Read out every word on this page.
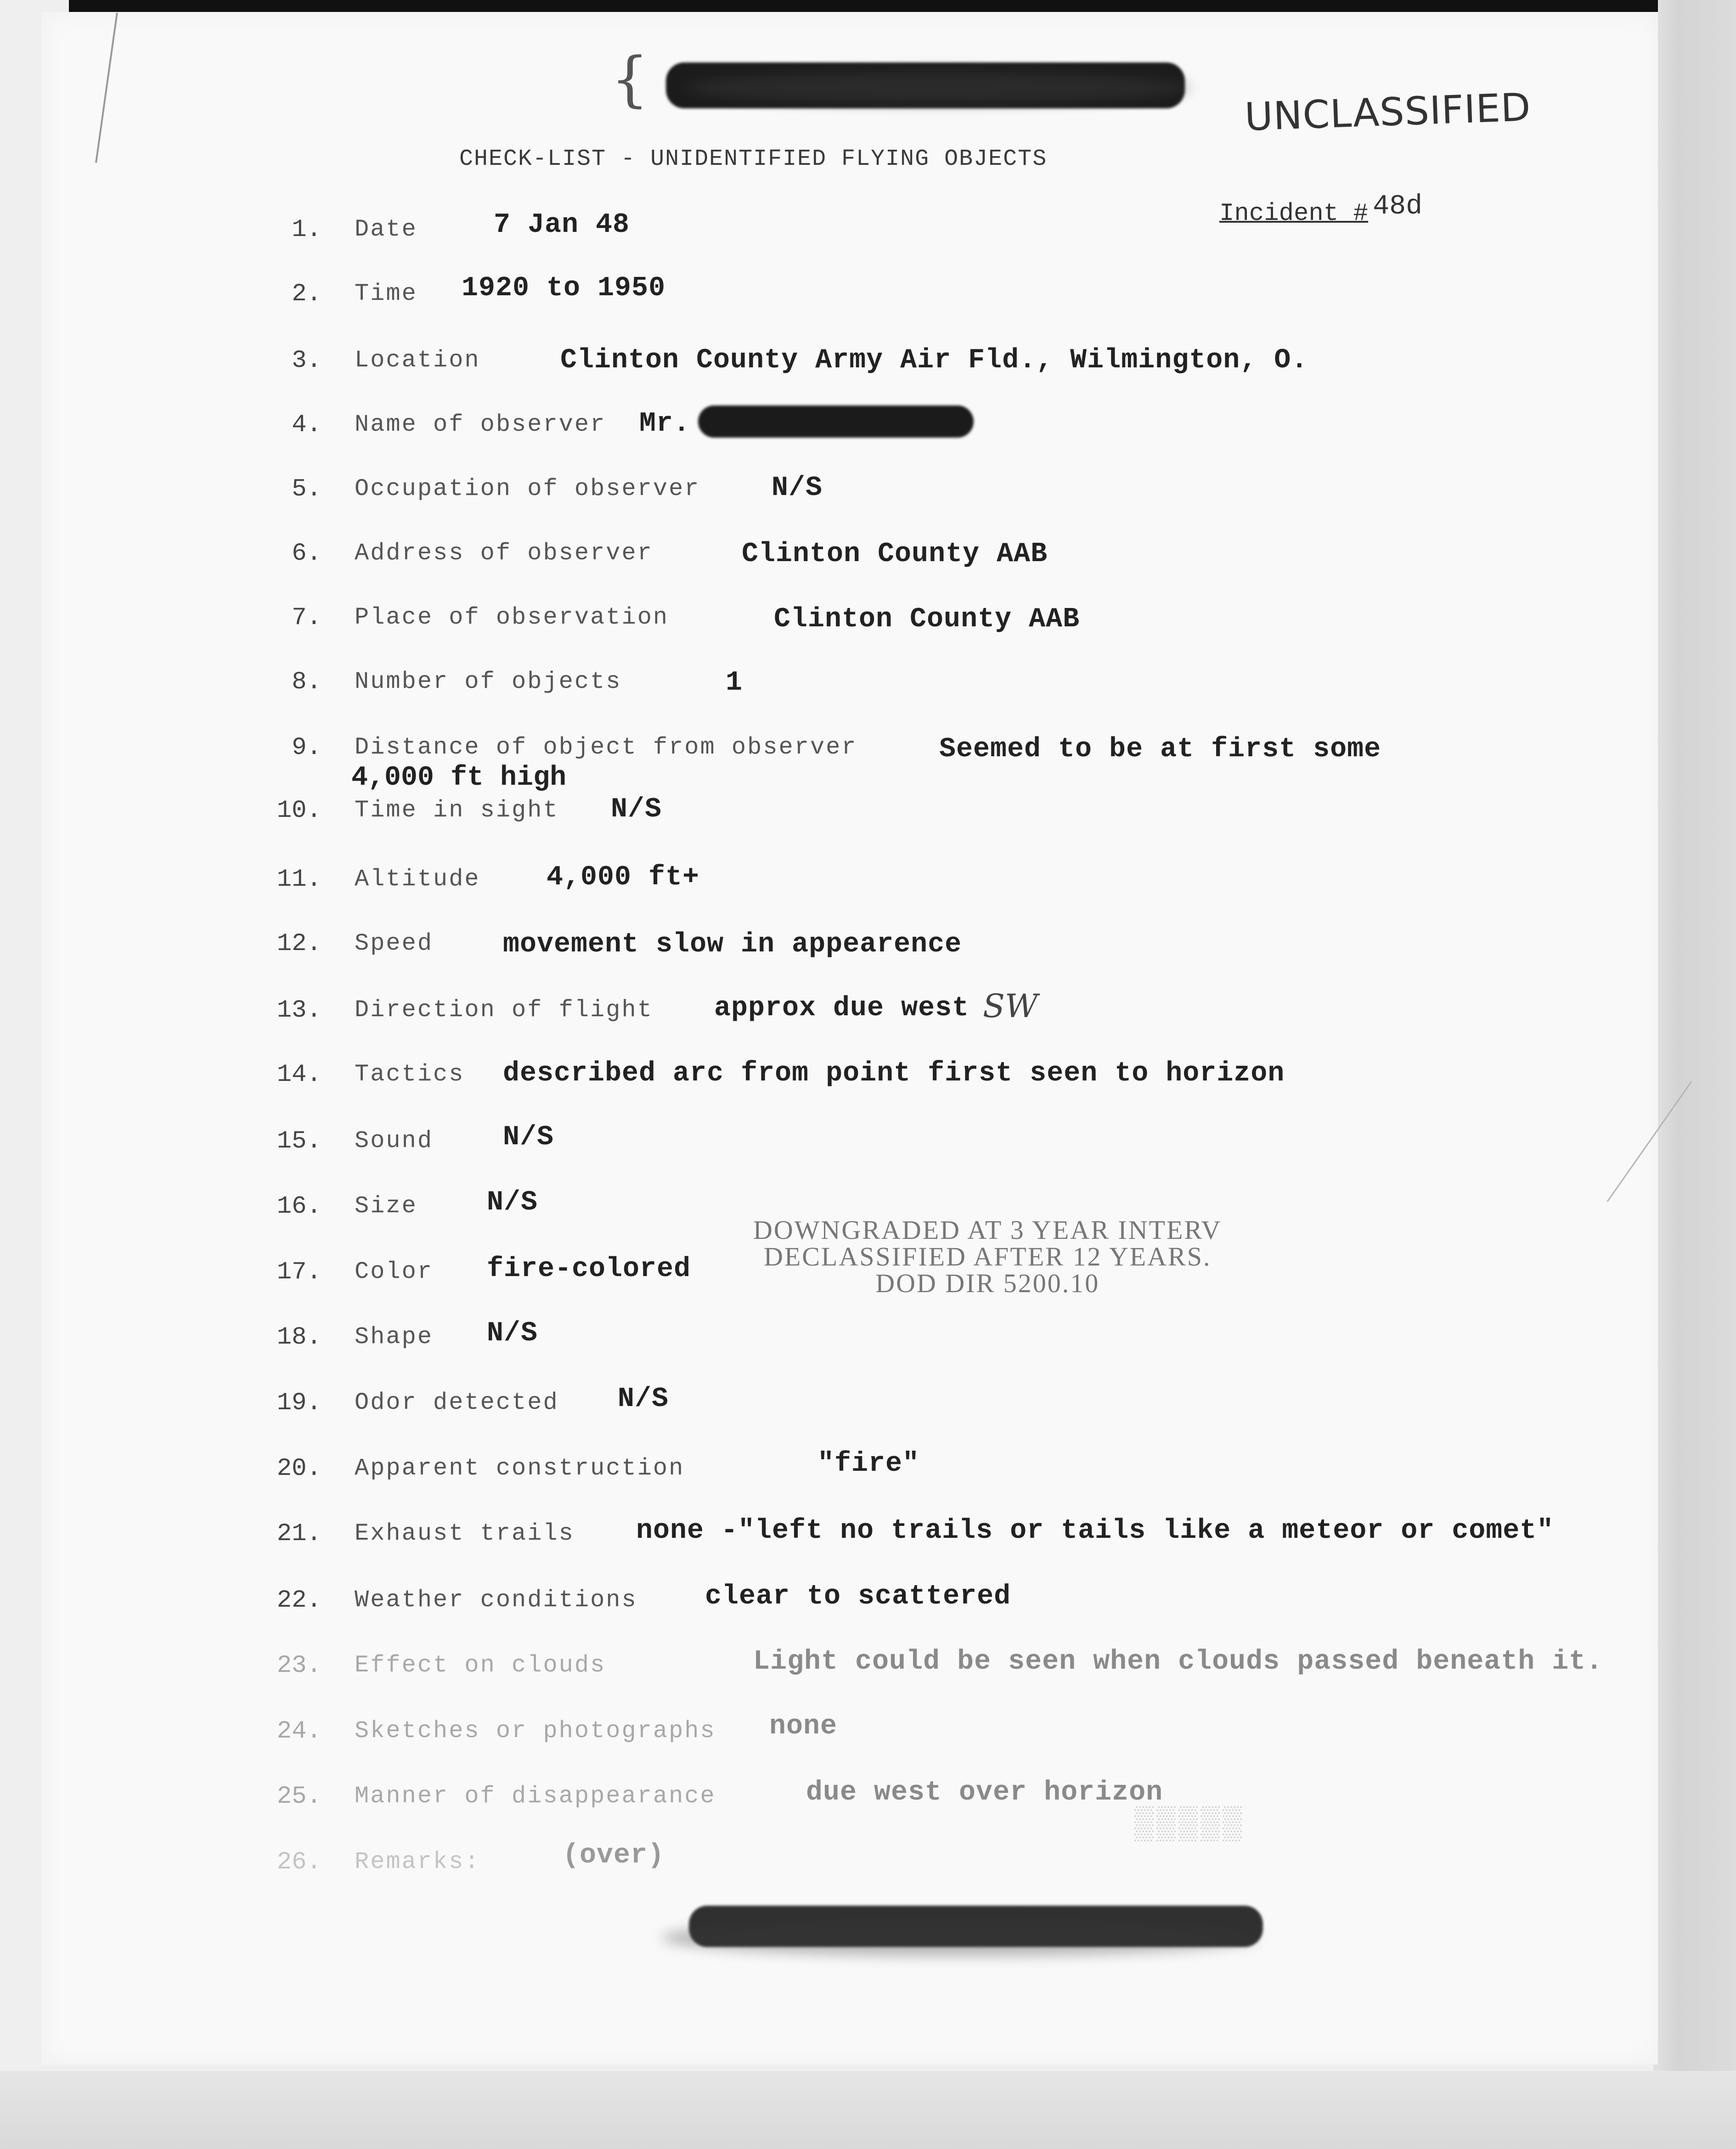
{	UNCLASSIFIED
CHECK-LIST - UNIDENTIFIED FLYING OBJECTS
Incident # 48d
1. Date	7 Jan 48
2. Time 1920 to 1950
3. Location	Clinton County Army Air Fld., Wilmington, O.
4. Name of observer Mr.
5. Occupation of observer	N/S
6. Address of observer	Clinton County AAB
7. Place of observation	Clinton County AAB
8. Number of objects	1
9. Distance of object from observer	Seemed to be at first some
4,000 ft high
10. Time in sight N/S
11. Altitude 4,000 ft+
12. Speed	movement slow in appearence
13. Direction of flight approx due west
14. Tactics described arc from point first seen to horizon
15. Sound	N/S
16. Size	N/S
17. Color fire-colored
18. Shape N/S
19. Odor detected N/S
20. Apparent construction	"fire"
21. Exhaust trails none -"left no trails or tails like a meteor or comet"
22. Weather conditions clear to scattered
23. Effect on clouds	Light could be seen when clouds passed beneath it.
24. Sketches or photographs none
25. Manner of disappearance	due west over horizon
26. Remarks:	(over)
SW
DOWNGRADED AT 3 YEAR INTERV
DECLASSIFIED AFTER 12 YEARS.
DOD DIR 5200.10
▒▒▒▒▒
